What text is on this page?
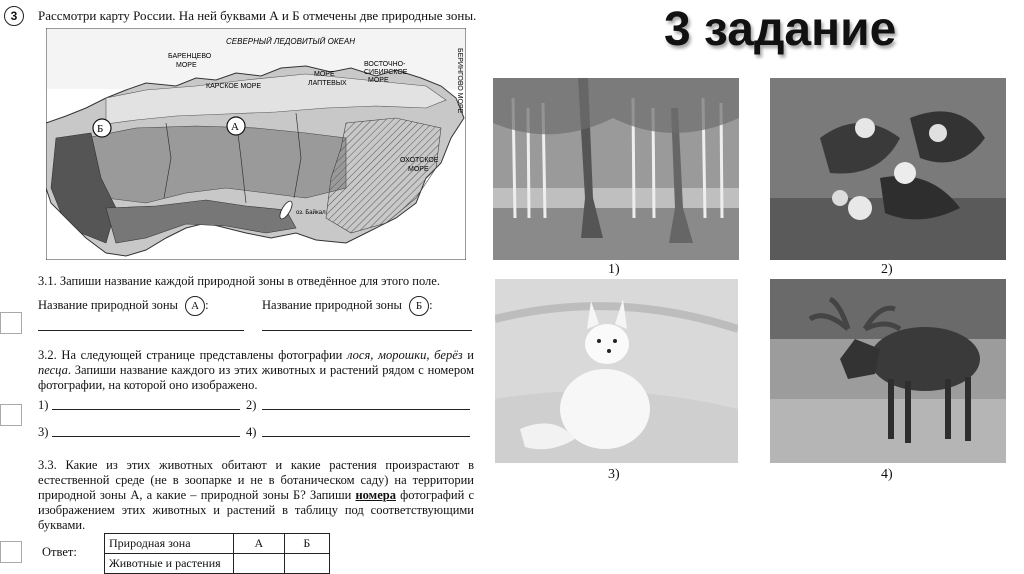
3	Рассмотри карту России. На ней буквами А и Б отмечены две природные зоны.	3 задание
СЕВЕРНЫЙ ЛЕДОВИТЫЙ ОКЕАН
БАРЕНЦЕВО
МОРЕ
КАРСКОЕ МОРЕ
МОРЕ
ЛАПТЕВЫХ
ВОСТОЧНО-
СИБИРСКОЕ
МОРЕ	БЕРИНГОВО МОРЕ
ОХОТСКОЕ
МОРЕ
оз. Байкал
Б	А
3.1. Запиши название каждой природной зоны в отведённое для этого поле.
Название природной зоны А :	Название природной зоны Б :
3.2. На следующей странице представлены фотографии лося, морошки, берёз и песца. Запиши название каждого из этих животных и растений рядом с номером фотографии, на которой оно изображено.
1)	2)
3)	4)
3.3. Какие из этих животных обитают и какие растения произрастают в естественной среде (не в зоопарке и не в ботаническом саду) на территории природной зоны А, а какие – природной зоны Б? Запиши номера фотографий с изображением этих животных и растений в таблицу под соответствующими буквами.
Ответ:
Природная зона	А	Б
Животные и растения		
1)	2)
3)	4)
